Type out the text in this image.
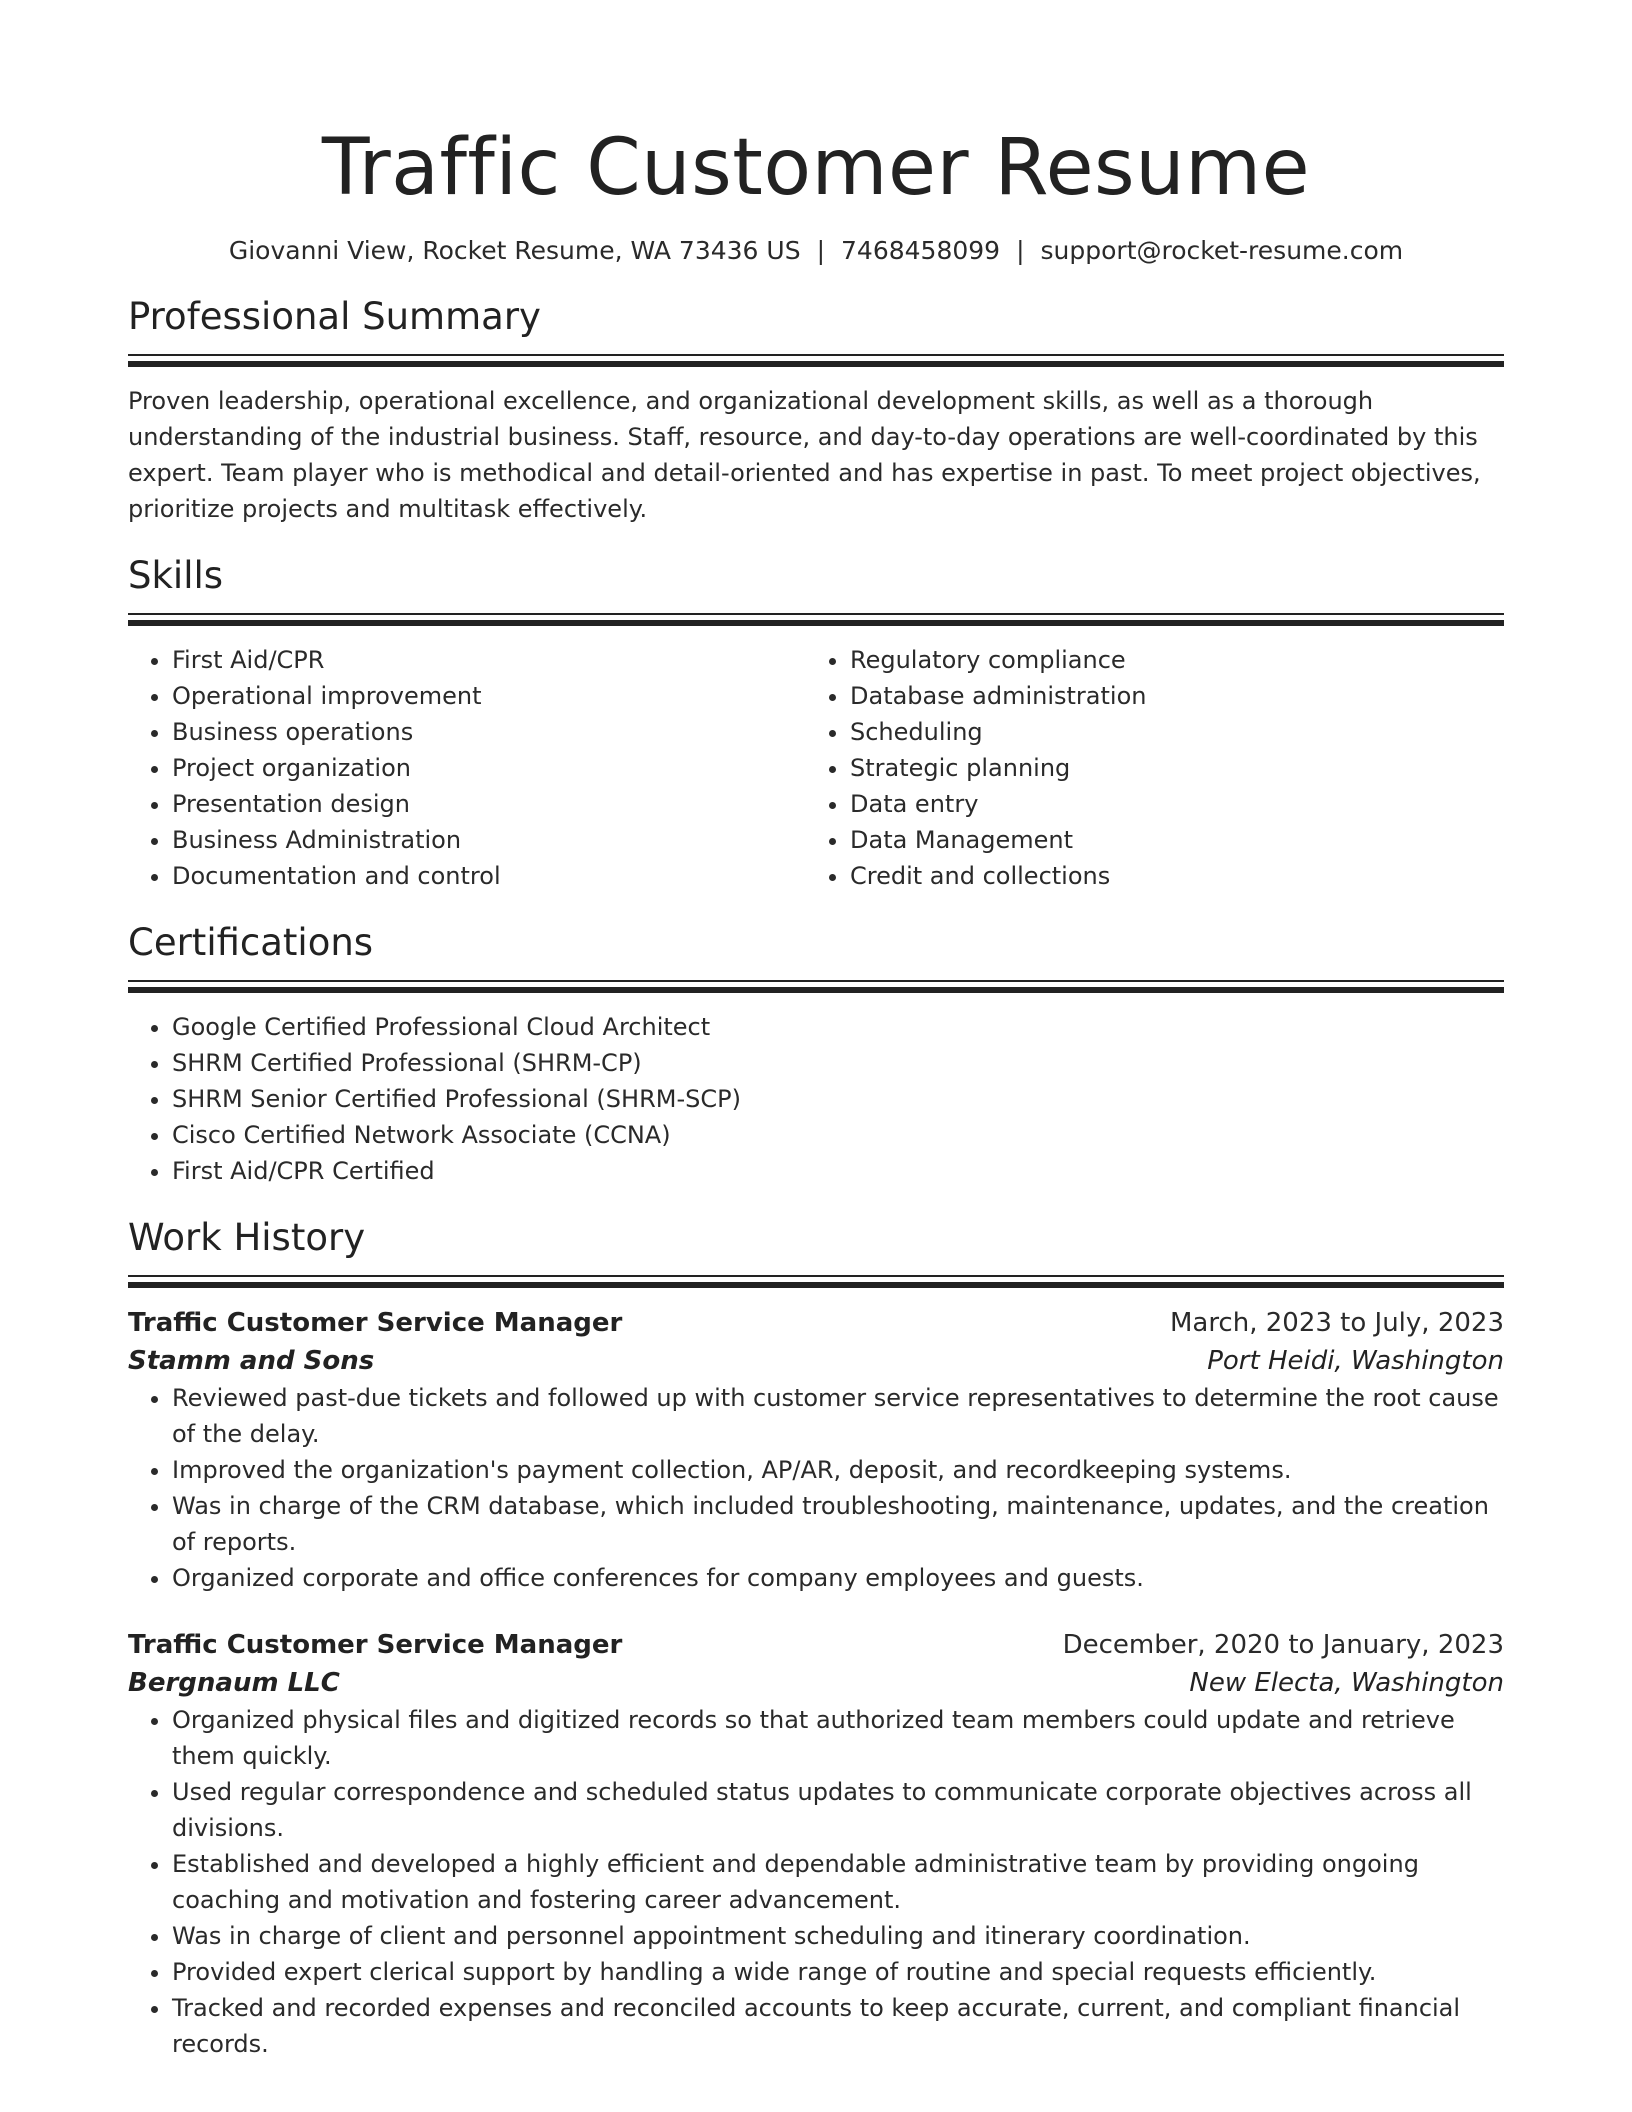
Traffic Customer Resume
Giovanni View, Rocket Resume, WA 73436 US | 7468458099 | support@rocket-resume.com
Professional Summary
Proven leadership, operational excellence, and organizational development skills, as well as a thorough understanding of the industrial business. Staff, resource, and day-to-day operations are well-coordinated by this expert. Team player who is methodical and detail-oriented and has expertise in past. To meet project objectives, prioritize projects and multitask effectively.
Skills
• First Aid/CPR
• Operational improvement
• Business operations
• Project organization
• Presentation design
• Business Administration
• Documentation and control
• Regulatory compliance
• Database administration
• Scheduling
• Strategic planning
• Data entry
• Data Management
• Credit and collections
Certifications
• Google Certified Professional Cloud Architect
• SHRM Certified Professional (SHRM-CP)
• SHRM Senior Certified Professional (SHRM-SCP)
• Cisco Certified Network Associate (CCNA)
• First Aid/CPR Certified
Work History
Traffic Customer Service Manager	March, 2023 to July, 2023
Stamm and Sons	Port Heidi, Washington
• Reviewed past-due tickets and followed up with customer service representatives to determine the root cause of the delay.
• Improved the organization's payment collection, AP/AR, deposit, and recordkeeping systems.
• Was in charge of the CRM database, which included troubleshooting, maintenance, updates, and the creation of reports.
• Organized corporate and office conferences for company employees and guests.
Traffic Customer Service Manager	December, 2020 to January, 2023
Bergnaum LLC	New Electa, Washington
• Organized physical files and digitized records so that authorized team members could update and retrieve them quickly.
• Used regular correspondence and scheduled status updates to communicate corporate objectives across all divisions.
• Established and developed a highly efficient and dependable administrative team by providing ongoing coaching and motivation and fostering career advancement.
• Was in charge of client and personnel appointment scheduling and itinerary coordination.
• Provided expert clerical support by handling a wide range of routine and special requests efficiently.
• Tracked and recorded expenses and reconciled accounts to keep accurate, current, and compliant financial records.
